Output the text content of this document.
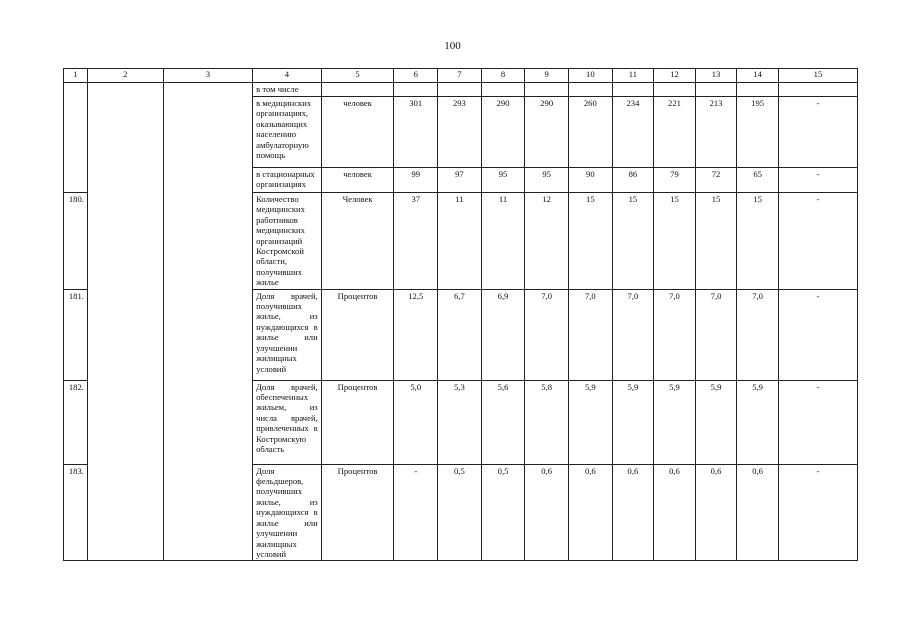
100
1	2	3	4	5	6	7	8	9	10	11	12	13	14	15
			в том числе											
			в медицинских организациях, оказывающих населению амбулаторную помощь	человек	301	293	290	290	260	234	221	213	195	-
			в стационарных организациях	человек	99	97	95	95	90	86	79	72	65	-
180.			Количество медицинских работников медицинских организаций Костромской области, получивших жилье	Человек	37	11	11	12	15	15	15	15	15	-
181.			Доля врачей, получивших жилье, из нуждающихся в жилье или улучшении жилищных условий	Процентов	12,5	6,7	6,9	7,0	7,0	7,0	7,0	7,0	7,0	-
182.			Доля врачей, обеспеченных жильем, из числа врачей, привлеченных в Костромскую область	Процентов	5,0	5,3	5,6	5,8	5,9	5,9	5,9	5,9	5,9	-
183.			Доля фельдшеров, получивших жилье, из нуждающихся в жилье или улучшении жилищных условий	Процентов	-	0,5	0,5	0,6	0,6	0,6	0,6	0,6	0,6	-
